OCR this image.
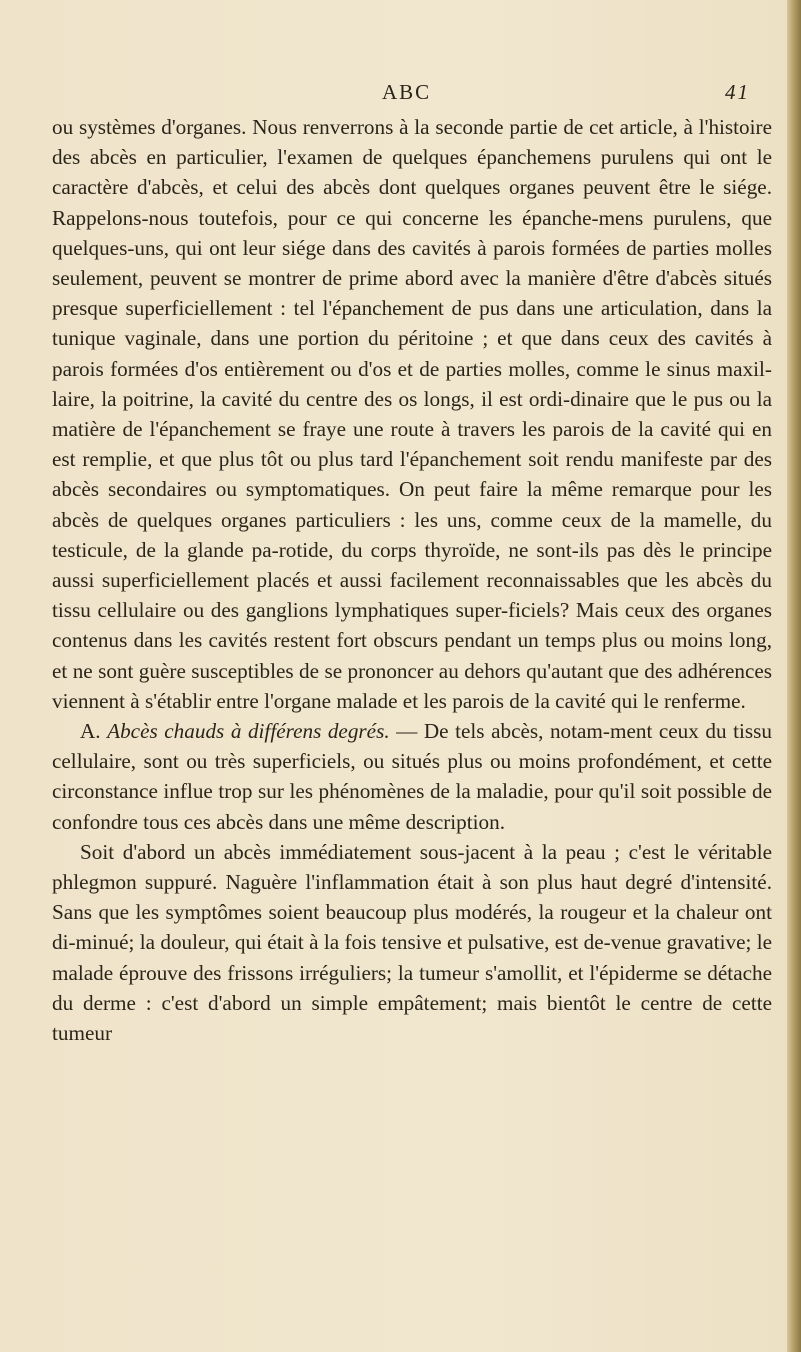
ABC	41

ou systèmes d'organes. Nous renverrons à la seconde partie de cet article, à l'histoire des abcès en particulier, l'examen de quelques épanchemens purulens qui ont le caractère d'abcès, et celui des abcès dont quelques organes peuvent être le siége. Rappelons-nous toutefois, pour ce qui concerne les épanche-mens purulens, que quelques-uns, qui ont leur siége dans des cavités à parois formées de parties molles seulement, peuvent se montrer de prime abord avec la manière d'être d'abcès situés presque superficiellement : tel l'épanchement de pus dans une articulation, dans la tunique vaginale, dans une portion du péritoine ; et que dans ceux des cavités à parois formées d'os entièrement ou d'os et de parties molles, comme le sinus maxil-laire, la poitrine, la cavité du centre des os longs, il est ordi-dinaire que le pus ou la matière de l'épanchement se fraye une route à travers les parois de la cavité qui en est remplie, et que plus tôt ou plus tard l'épanchement soit rendu manifeste par des abcès secondaires ou symptomatiques. On peut faire la même remarque pour les abcès de quelques organes particuliers : les uns, comme ceux de la mamelle, du testicule, de la glande pa-rotide, du corps thyroïde, ne sont-ils pas dès le principe aussi superficiellement placés et aussi facilement reconnaissables que les abcès du tissu cellulaire ou des ganglions lymphatiques super-ficiels? Mais ceux des organes contenus dans les cavités restent fort obscurs pendant un temps plus ou moins long, et ne sont guère susceptibles de se prononcer au dehors qu'autant que des adhérences viennent à s'établir entre l'organe malade et les parois de la cavité qui le renferme.

A. Abcès chauds à différens degrés. — De tels abcès, notam-ment ceux du tissu cellulaire, sont ou très superficiels, ou situés plus ou moins profondément, et cette circonstance influe trop sur les phénomènes de la maladie, pour qu'il soit possible de confondre tous ces abcès dans une même description.

Soit d'abord un abcès immédiatement sous-jacent à la peau ; c'est le véritable phlegmon suppuré. Naguère l'inflammation était à son plus haut degré d'intensité. Sans que les symptômes soient beaucoup plus modérés, la rougeur et la chaleur ont di-minué; la douleur, qui était à la fois tensive et pulsative, est de-venue gravative; le malade éprouve des frissons irréguliers; la tumeur s'amollit, et l'épiderme se détache du derme : c'est d'abord un simple empâtement; mais bientôt le centre de cette tumeur
